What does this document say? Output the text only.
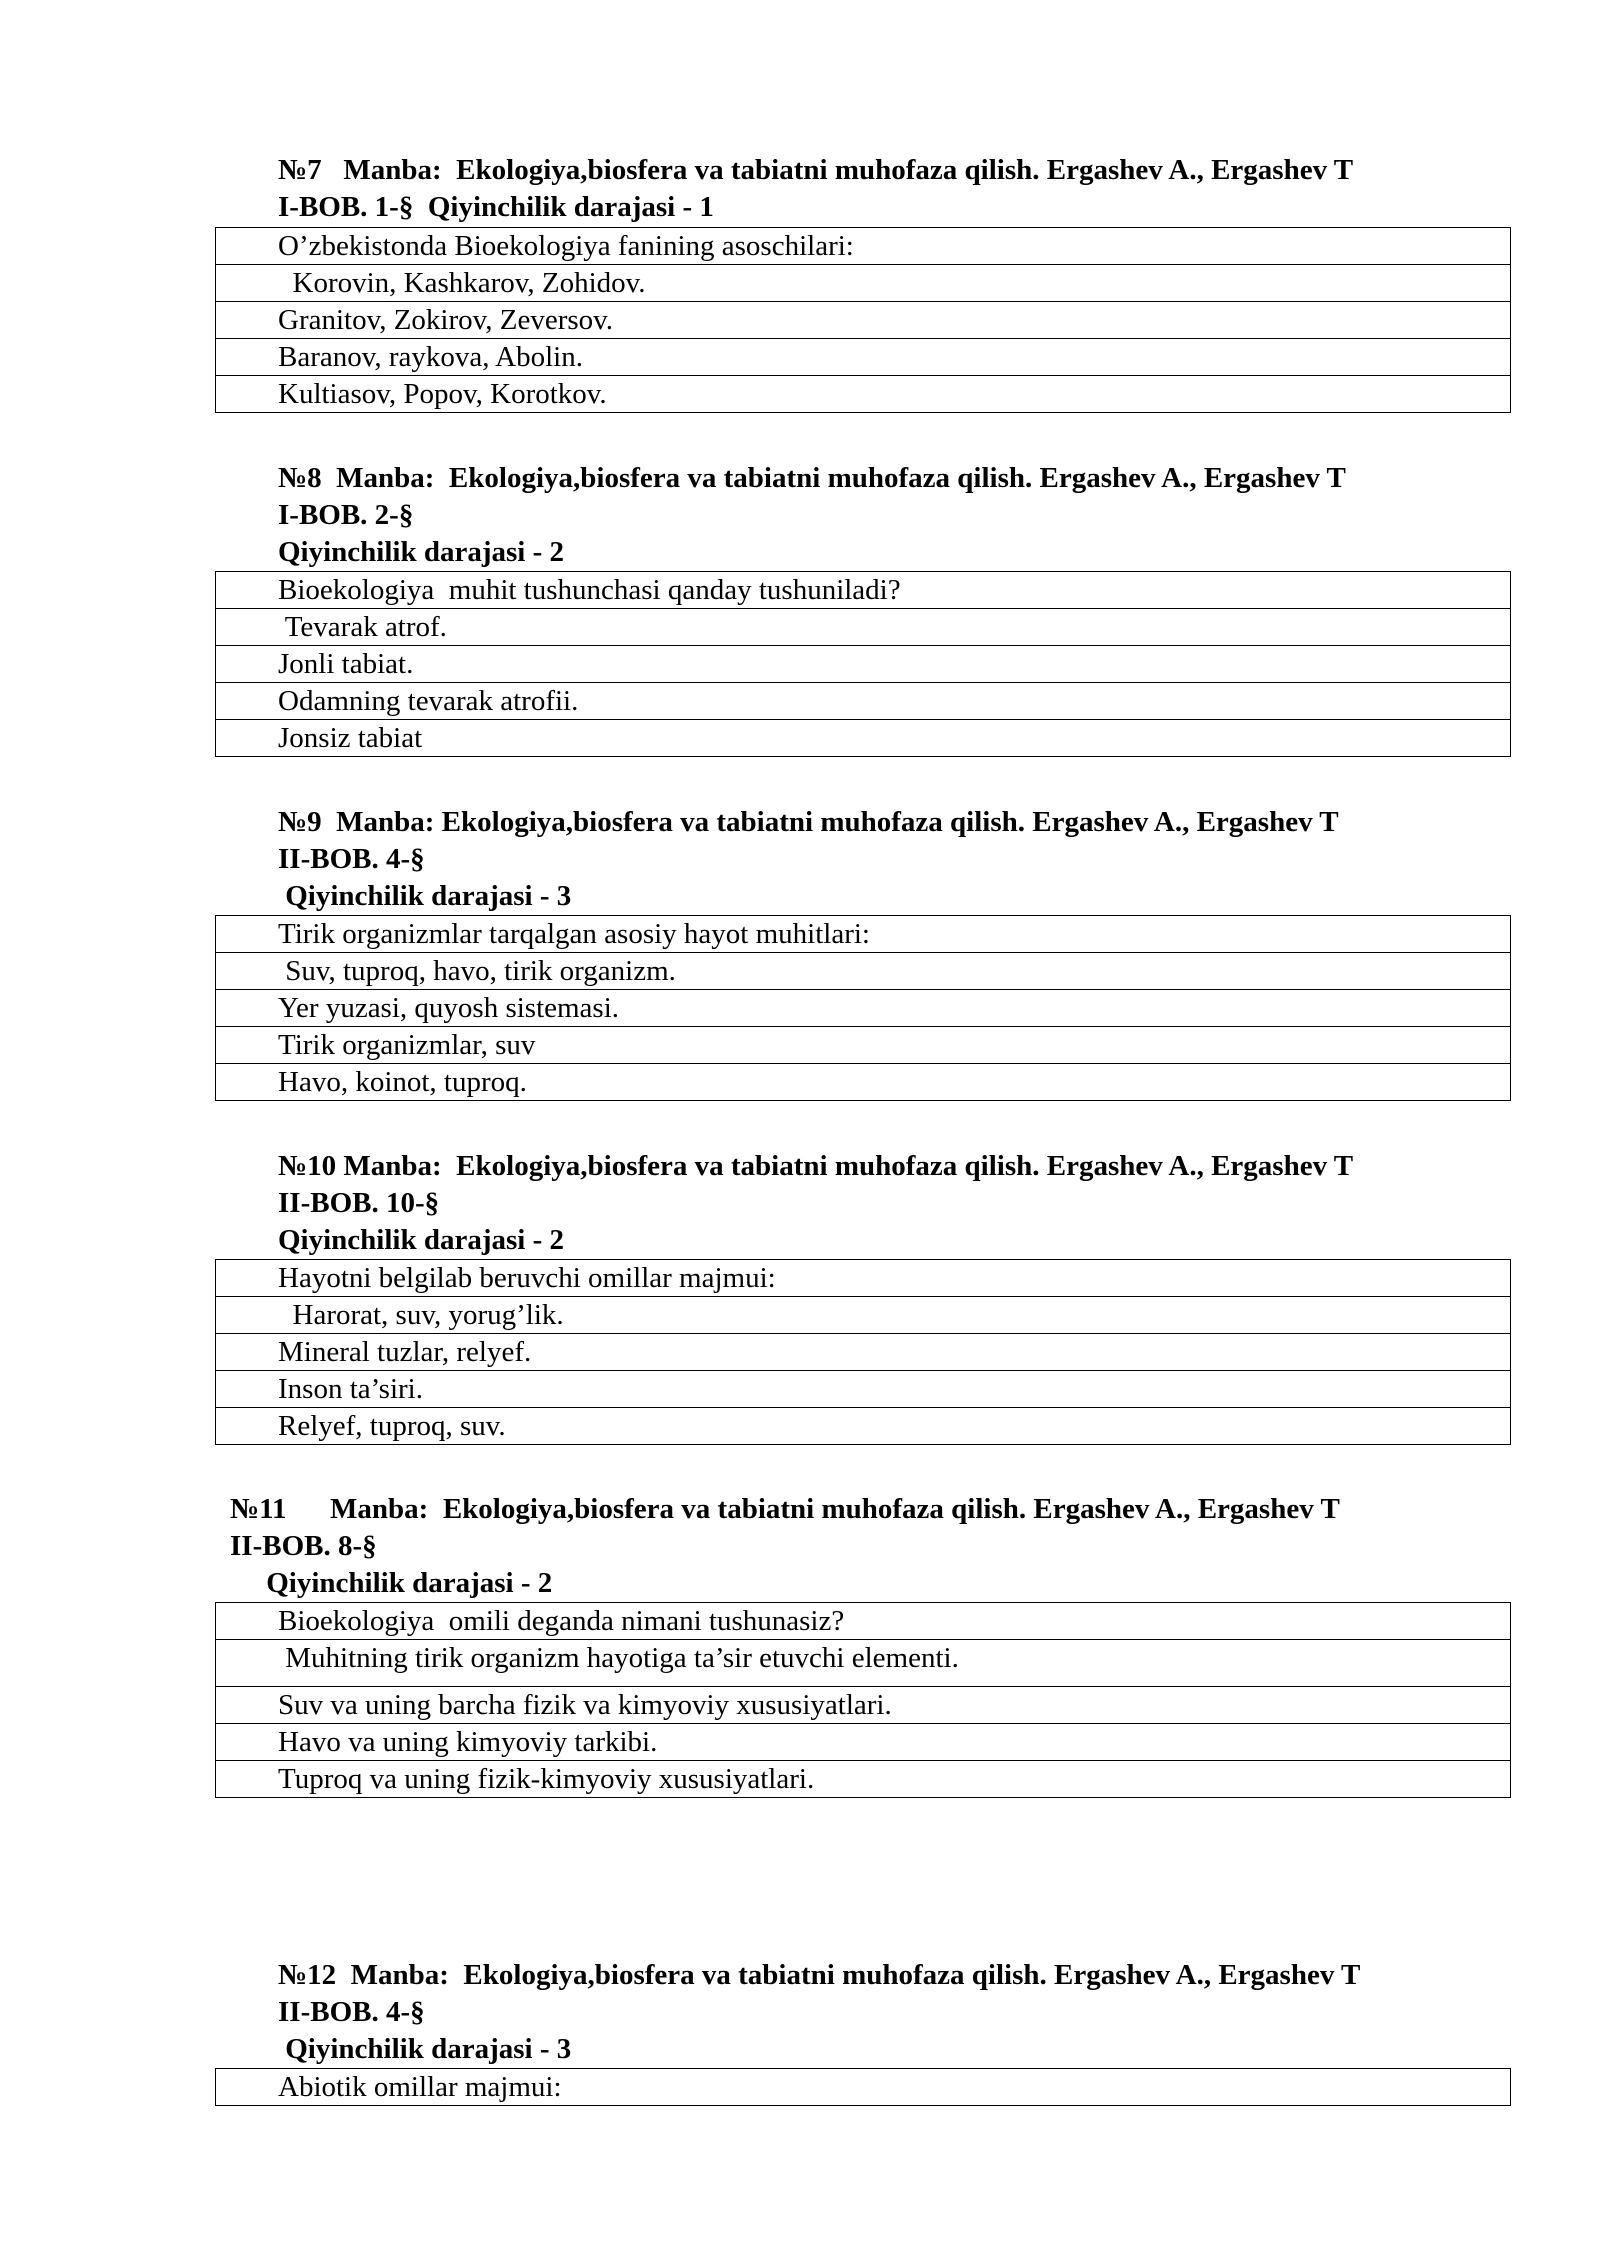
№7   Manba:  Ekologiya,biosfera va tabiatni muhofaza qilish. Ergashev A., Ergashev T
I-BOB. 1-§  Qiyinchilik darajasi - 1
O’zbekistonda Bioekologiya fanining asoschilari:
Korovin, Kashkarov, Zohidov.
Granitov, Zokirov, Zeversov.
Baranov, raykova, Abolin.
Kultiasov, Popov, Korotkov.
№8  Manba:  Ekologiya,biosfera va tabiatni muhofaza qilish. Ergashev A., Ergashev T
I-BOB. 2-§
Qiyinchilik darajasi - 2
Bioekologiya  muhit tushunchasi qanday tushuniladi?
Tevarak atrof.
Jonli tabiat.
Odamning tevarak atrofii.
Jonsiz tabiat
№9  Manba: Ekologiya,biosfera va tabiatni muhofaza qilish. Ergashev A., Ergashev T
II-BOB. 4-§
Qiyinchilik darajasi - 3
Tirik organizmlar tarqalgan asosiy hayot muhitlari:
Suv, tuproq, havo, tirik organizm.
Yer yuzasi, quyosh sistemasi.
Tirik organizmlar, suv
Havo, koinot, tuproq.
№10 Manba:  Ekologiya,biosfera va tabiatni muhofaza qilish. Ergashev A., Ergashev T
II-BOB. 10-§
Qiyinchilik darajasi - 2
Hayotni belgilab beruvchi omillar majmui:
Harorat, suv, yorug’lik.
Mineral tuzlar, relyef.
Inson ta’siri.
Relyef, tuproq, suv.
№11      Manba:  Ekologiya,biosfera va tabiatni muhofaza qilish. Ergashev A., Ergashev T
II-BOB. 8-§
Qiyinchilik darajasi - 2
Bioekologiya  omili deganda nimani tushunasiz?
Muhitning tirik organizm hayotiga ta’sir etuvchi elementi.
Suv va uning barcha fizik va kimyoviy xususiyatlari.
Havo va uning kimyoviy tarkibi.
Tuproq va uning fizik-kimyoviy xususiyatlari.
№12  Manba:  Ekologiya,biosfera va tabiatni muhofaza qilish. Ergashev A., Ergashev T
II-BOB. 4-§
Qiyinchilik darajasi - 3
Abiotik omillar majmui:
